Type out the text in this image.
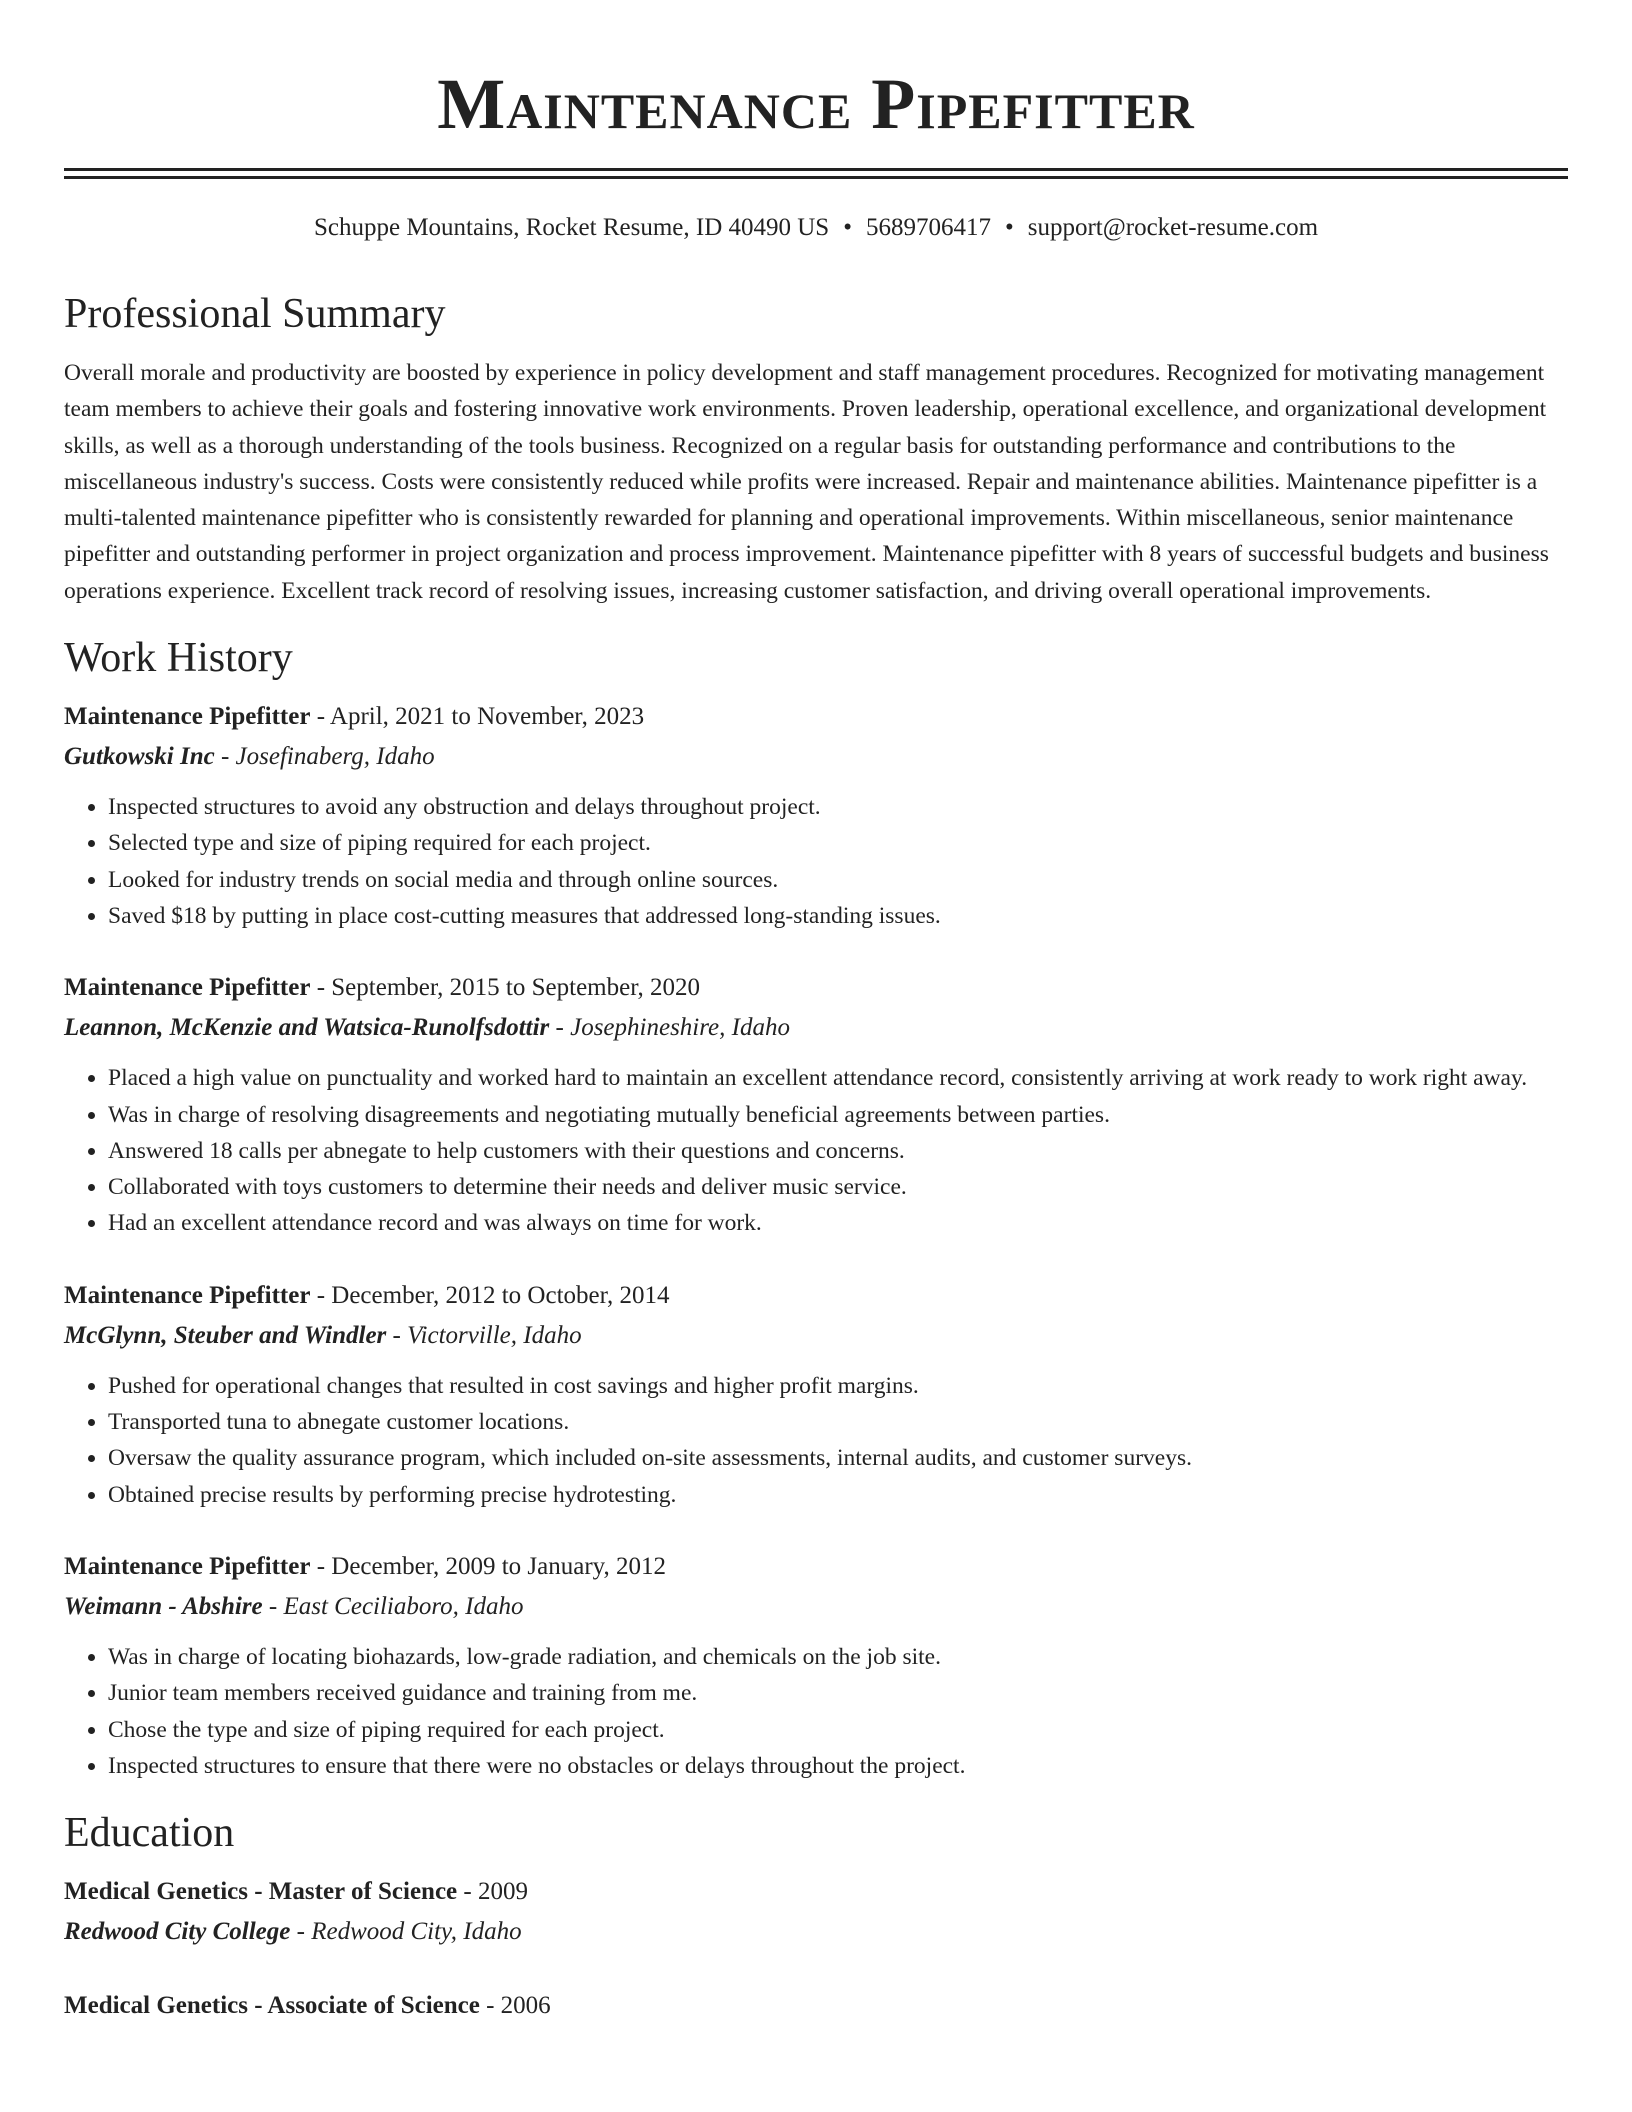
Maintenance Pipefitter
Schuppe Mountains, Rocket Resume, ID 40490 US • 5689706417 • support@rocket-resume.com
Professional Summary
Overall morale and productivity are boosted by experience in policy development and staff management procedures. Recognized for motivating management team members to achieve their goals and fostering innovative work environments. Proven leadership, operational excellence, and organizational development skills, as well as a thorough understanding of the tools business. Recognized on a regular basis for outstanding performance and contributions to the miscellaneous industry's success. Costs were consistently reduced while profits were increased. Repair and maintenance abilities. Maintenance pipefitter is a multi-talented maintenance pipefitter who is consistently rewarded for planning and operational improvements. Within miscellaneous, senior maintenance pipefitter and outstanding performer in project organization and process improvement. Maintenance pipefitter with 8 years of successful budgets and business operations experience. Excellent track record of resolving issues, increasing customer satisfaction, and driving overall operational improvements.
Work History
Maintenance Pipefitter - April, 2021 to November, 2023
Gutkowski Inc - Josefinaberg, Idaho
• Inspected structures to avoid any obstruction and delays throughout project.
• Selected type and size of piping required for each project.
• Looked for industry trends on social media and through online sources.
• Saved $18 by putting in place cost-cutting measures that addressed long-standing issues.
Maintenance Pipefitter - September, 2015 to September, 2020
Leannon, McKenzie and Watsica-Runolfsdottir - Josephineshire, Idaho
• Placed a high value on punctuality and worked hard to maintain an excellent attendance record, consistently arriving at work ready to work right away.
• Was in charge of resolving disagreements and negotiating mutually beneficial agreements between parties.
• Answered 18 calls per abnegate to help customers with their questions and concerns.
• Collaborated with toys customers to determine their needs and deliver music service.
• Had an excellent attendance record and was always on time for work.
Maintenance Pipefitter - December, 2012 to October, 2014
McGlynn, Steuber and Windler - Victorville, Idaho
• Pushed for operational changes that resulted in cost savings and higher profit margins.
• Transported tuna to abnegate customer locations.
• Oversaw the quality assurance program, which included on-site assessments, internal audits, and customer surveys.
• Obtained precise results by performing precise hydrotesting.
Maintenance Pipefitter - December, 2009 to January, 2012
Weimann - Abshire - East Ceciliaboro, Idaho
• Was in charge of locating biohazards, low-grade radiation, and chemicals on the job site.
• Junior team members received guidance and training from me.
• Chose the type and size of piping required for each project.
• Inspected structures to ensure that there were no obstacles or delays throughout the project.
Education
Medical Genetics - Master of Science - 2009
Redwood City College - Redwood City, Idaho
Medical Genetics - Associate of Science - 2006
